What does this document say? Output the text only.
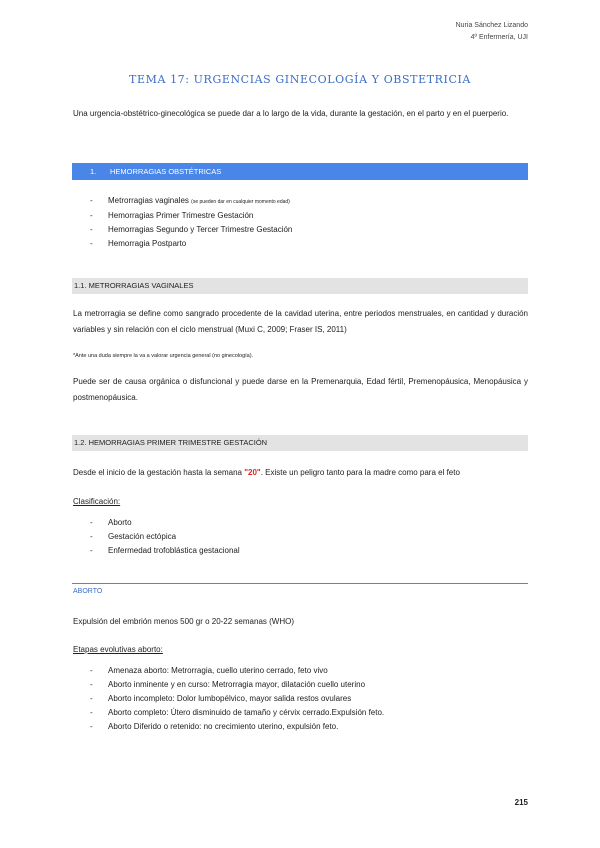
Nuria Sánchez Lizando
4º Enfermería, UJI
TEMA 17: URGENCIAS GINECOLOGÍA Y OBSTETRICIA
Una urgencia-obstétrico-ginecológica se puede dar a lo largo de la vida, durante la gestación, en el parto y en el puerperio.
1. HEMORRAGIAS OBSTÉTRICAS
- Metrorragias vaginales (se pueden dar en cualquier momento edad)
- Hemorragias Primer Trimestre Gestación
- Hemorragias Segundo y Tercer Trimestre Gestación
- Hemorragia Postparto
1.1. METRORRAGIAS VAGINALES
La metrorragia se define como sangrado procedente de la cavidad uterina, entre periodos menstruales, en cantidad y duración variables y sin relación con el ciclo menstrual (Muxi C, 2009; Fraser IS, 2011)
*Ante una duda siempre la va a valorar urgencia general (no ginecología).
Puede ser de causa orgánica o disfuncional y puede darse en la Premenarquia, Edad fértil, Premenopáusica, Menopáusica y postmenopáusica.
1.2. HEMORRAGIAS PRIMER TRIMESTRE GESTACIÓN
Desde el inicio de la gestación hasta la semana "20". Existe un peligro tanto para la madre como para el feto
Clasificación:
- Aborto
- Gestación ectópica
- Enfermedad trofoblástica gestacional
ABORTO
Expulsión del embrión menos 500 gr o 20-22 semanas (WHO)
Etapas evolutivas aborto:
- Amenaza aborto: Metrorragia, cuello uterino cerrado, feto vivo
- Aborto inminente y en curso: Metrorragia mayor, dilatación cuello uterino
- Aborto incompleto: Dolor lumbopélvico, mayor salida restos ovulares
- Aborto completo: Útero disminuido de tamaño y cérvix cerrado.Expulsión feto.
- Aborto Diferido o retenido: no crecimiento uterino, expulsión feto.
215
